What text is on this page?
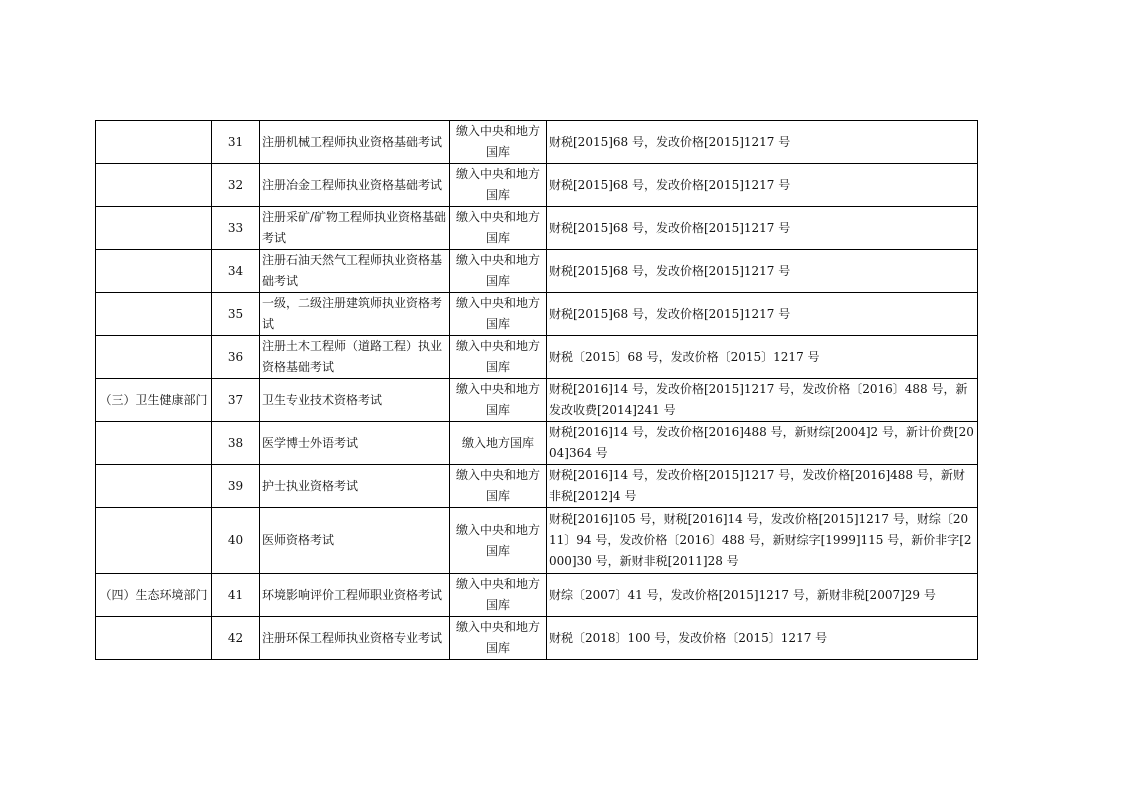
	31	注册机械工程师执业资格基础考试	缴入中央和地方国库	财税[2015]68 号，发改价格[2015]1217 号
	32	注册冶金工程师执业资格基础考试	缴入中央和地方国库	财税[2015]68 号，发改价格[2015]1217 号
	33	注册采矿/矿物工程师执业资格基础考试	缴入中央和地方国库	财税[2015]68 号，发改价格[2015]1217 号
	34	注册石油天然气工程师执业资格基础考试	缴入中央和地方国库	财税[2015]68 号，发改价格[2015]1217 号
	35	一级，二级注册建筑师执业资格考试	缴入中央和地方国库	财税[2015]68 号，发改价格[2015]1217 号
	36	注册土木工程师（道路工程）执业资格基础考试	缴入中央和地方国库	财税〔2015〕68 号，发改价格〔2015〕1217 号
（三）卫生健康部门	37	卫生专业技术资格考试	缴入中央和地方国库	财税[2016]14 号，发改价格[2015]1217 号，发改价格〔2016〕488 号，新发改收费[2014]241 号
	38	医学博士外语考试	缴入地方国库	财税[2016]14 号，发改价格[2016]488 号，新财综[2004]2 号，新计价费[2004]364 号
	39	护士执业资格考试	缴入中央和地方国库	财税[2016]14 号，发改价格[2015]1217 号，发改价格[2016]488 号，新财非税[2012]4 号
	40	医师资格考试	缴入中央和地方国库	财税[2016]105 号，财税[2016]14 号，发改价格[2015]1217 号，财综〔2011〕94 号，发改价格〔2016〕488 号，新财综字[1999]115 号，新价非字[2000]30 号，新财非税[2011]28 号
（四）生态环境部门	41	环境影响评价工程师职业资格考试	缴入中央和地方国库	财综〔2007〕41 号，发改价格[2015]1217 号，新财非税[2007]29 号
	42	注册环保工程师执业资格专业考试	缴入中央和地方国库	财税〔2018〕100 号，发改价格〔2015〕1217 号
